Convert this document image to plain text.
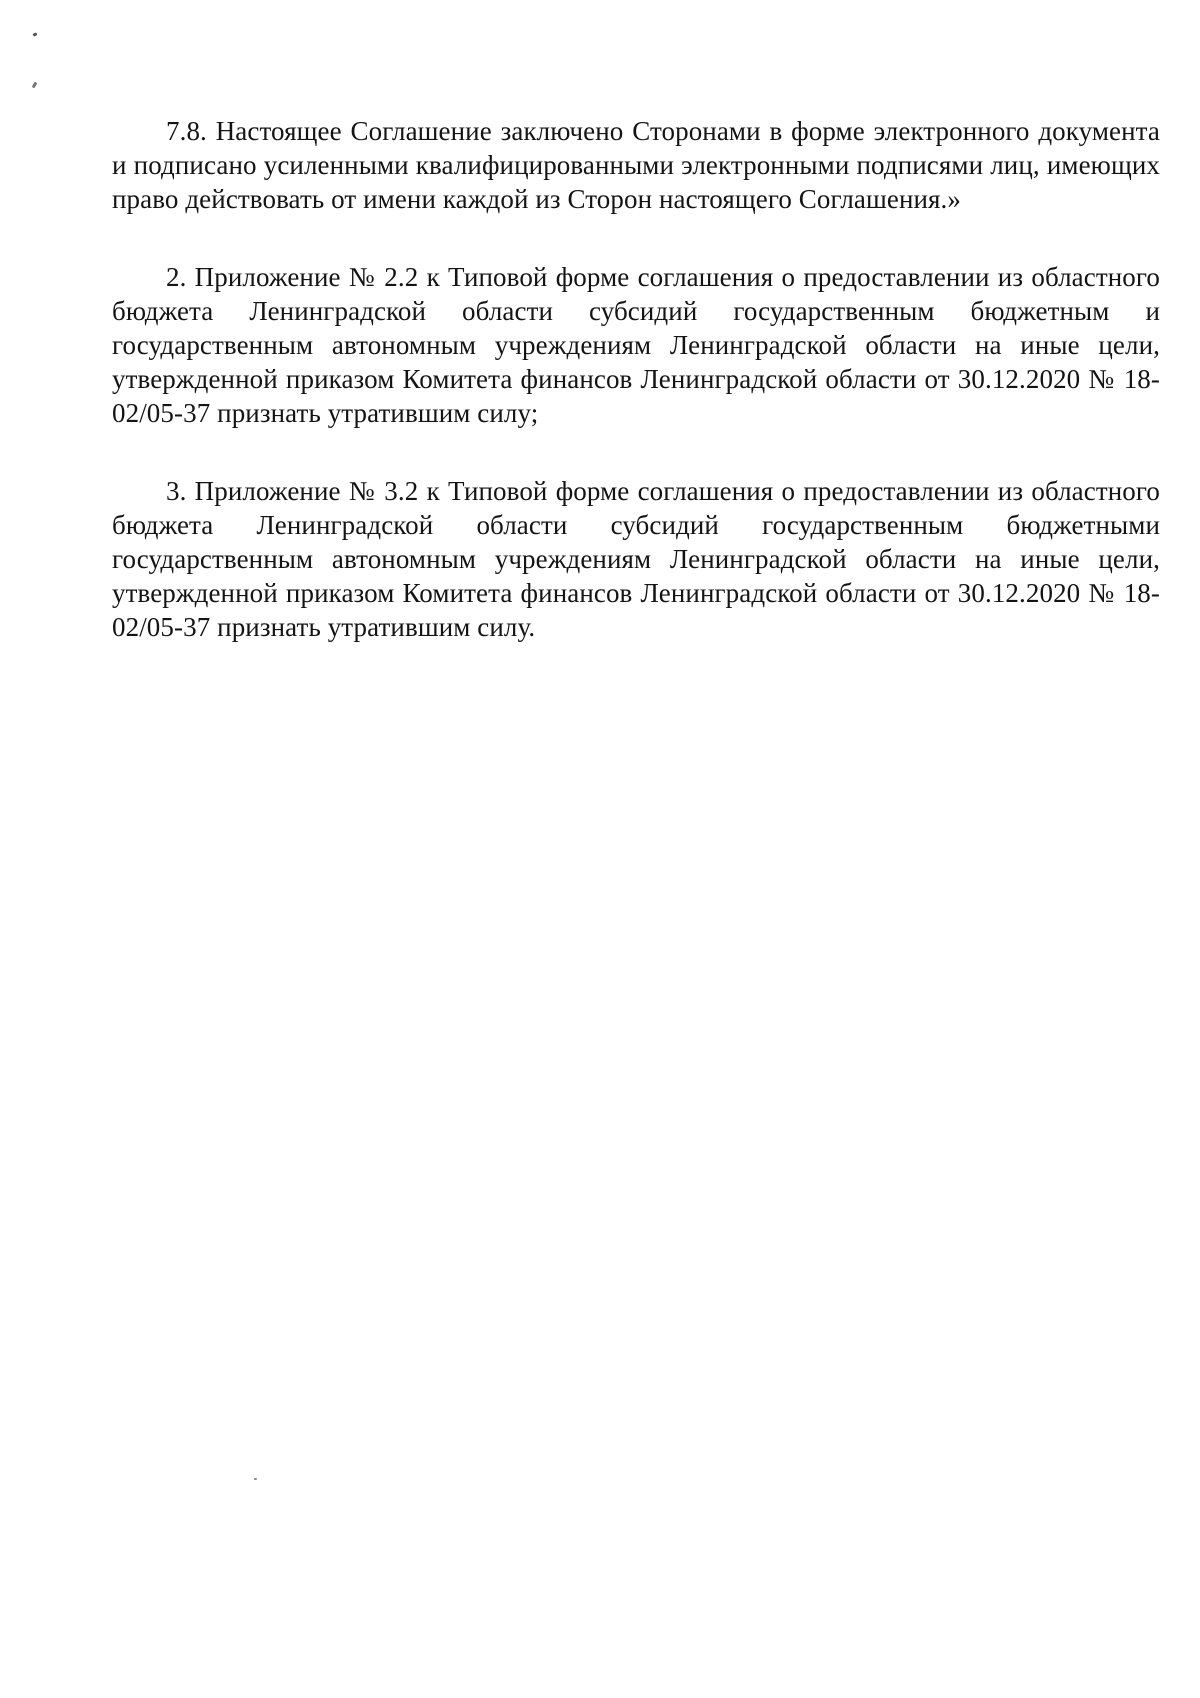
7.8. Настоящее Соглашение заключено Сторонами в форме электронного документа и подписано усиленными квалифицированными электронными подписями лиц, имеющих право действовать от имени каждой из Сторон настоящего Соглашения.»

2. Приложение № 2.2 к Типовой форме соглашения о предоставлении из областного бюджета Ленинградской области субсидий государственным бюджетным и государственным автономным учреждениям Ленинградской области на иные цели, утвержденной приказом Комитета финансов Ленинградской области от 30.12.2020 № 18-02/05-37 признать утратившим силу;

3. Приложение № 3.2 к Типовой форме соглашения о предоставлении из областного бюджета Ленинградской области субсидий государственным бюджетными государственным автономным учреждениям Ленинградской области на иные цели, утвержденной приказом Комитета финансов Ленинградской области от 30.12.2020 № 18-02/05-37 признать утратившим силу.
